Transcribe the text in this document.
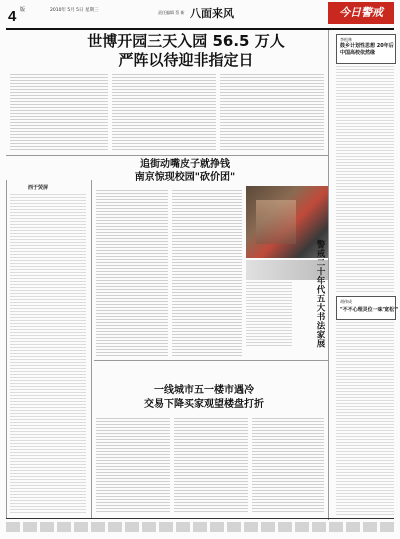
4 版	2010年 5月 5日 星期三	责任编辑 蔡 新 八面来风	今日警戒
世博开园三天入园 56.5 万人
严阵以待迎非指定日
李松林
鼓乡计划性思想 20年后中国高校依然缘
胡伟成
"不不心理灵位一味'宽松'"
西于荧屏
追街动嘴皮子就挣钱
南京惊现校园"砍价团"
警戒二十年代五大书法家展
一线城市五一楼市遇冷
交易下降买家观望楼盘打折
